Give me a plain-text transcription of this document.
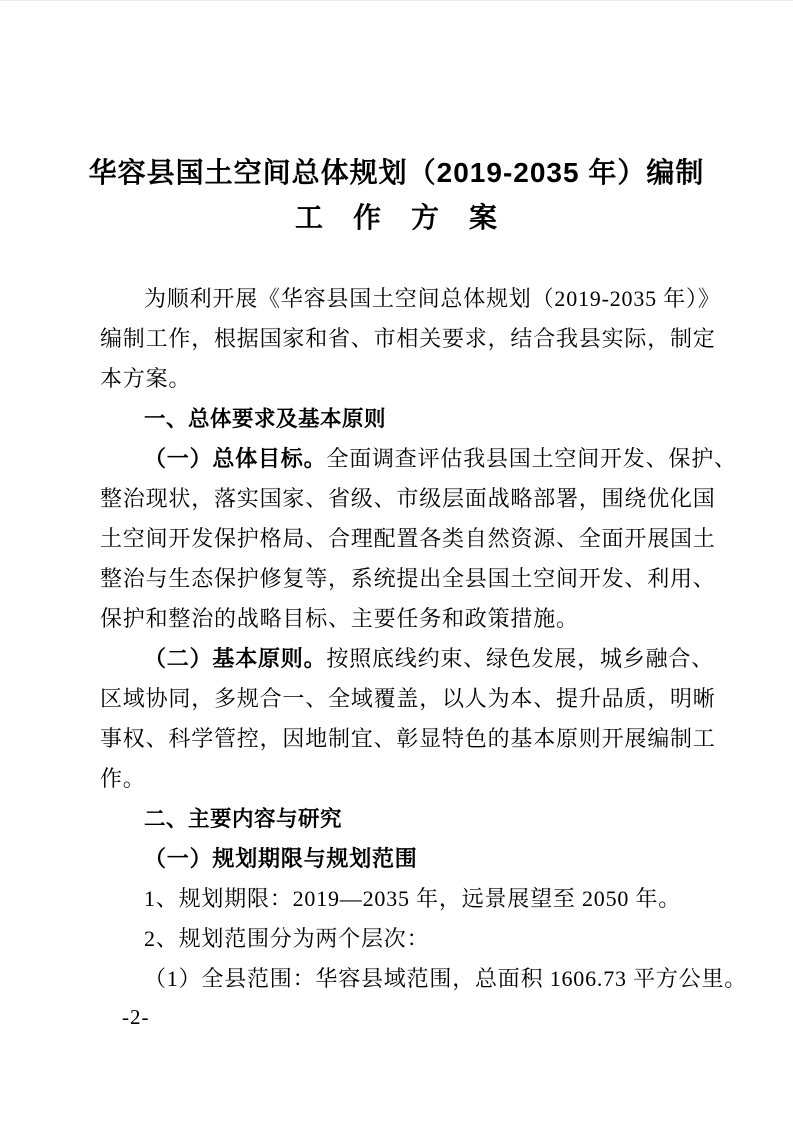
华容县国土空间总体规划（2019-2035 年）编制
工　作　方　案
为顺利开展《华容县国土空间总体规划（2019-2035 年）》
编制工作，根据国家和省、市相关要求，结合我县实际，制定
本方案。
一、总体要求及基本原则
（一）总体目标。全面调查评估我县国土空间开发、保护、
整治现状，落实国家、省级、市级层面战略部署，围绕优化国
土空间开发保护格局、合理配置各类自然资源、全面开展国土
整治与生态保护修复等，系统提出全县国土空间开发、利用、
保护和整治的战略目标、主要任务和政策措施。
（二）基本原则。按照底线约束、绿色发展，城乡融合、
区域协同，多规合一、全域覆盖，以人为本、提升品质，明晰
事权、科学管控，因地制宜、彰显特色的基本原则开展编制工
作。
二、主要内容与研究
（一）规划期限与规划范围
1、规划期限：2019—2035 年，远景展望至 2050 年。
2、规划范围分为两个层次：
（1）全县范围：华容县域范围，总面积 1606.73 平方公里。
-2-
